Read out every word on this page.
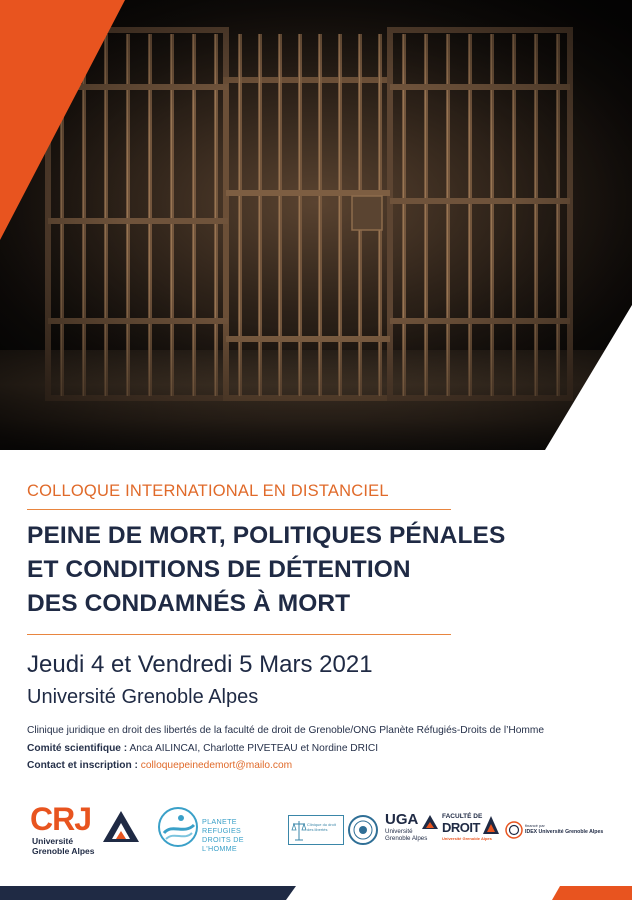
COLLOQUE INTERNATIONAL EN DISTANCIEL
PEINE DE MORT, POLITIQUES PÉNALES
ET CONDITIONS DE DÉTENTION
DES CONDAMNÉS À MORT
Jeudi 4 et Vendredi 5 Mars 2021
Université Grenoble Alpes
Clinique juridique en droit des libertés de la faculté de droit de Grenoble/ONG Planète Réfugiés-Droits de l’Homme
Comité scientifique : Anca AILINCAI, Charlotte PIVETEAU et Nordine DRICI
Contact et inscription : colloquepeinedemort@mailo.com
CRJ
Université
Grenoble Alpes
PLANETE REFUGIES
DROITS DE L'HOMME
Clinique du droit des libertés
UGA
Université
Grenoble Alpes
FACULTÉ DE
DROIT
Université Grenoble Alpes
financé par
IDEX Université Grenoble Alpes
